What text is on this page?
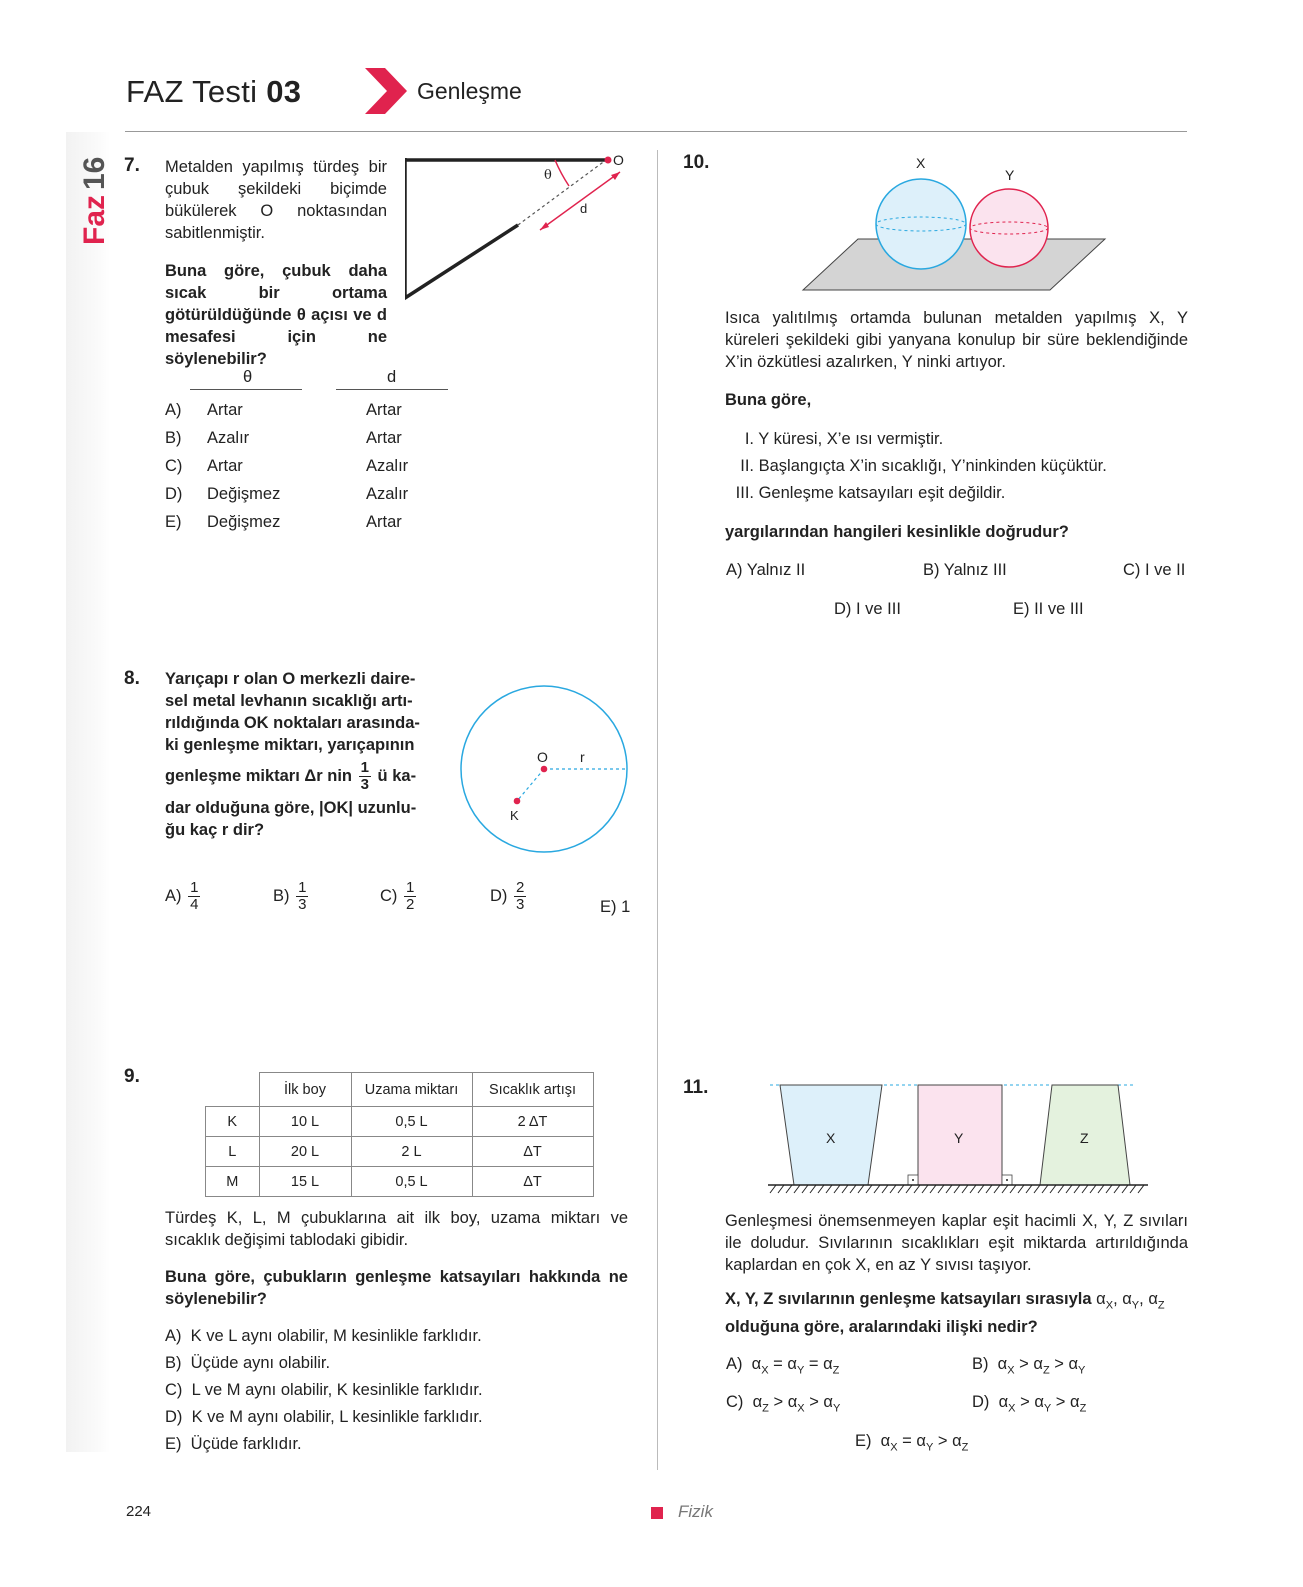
Faz
16
FAZ Testi 03	Genleşme
7. Metalden yapılmış türdeş bir çubuk şekildeki biçimde bükülerek O noktasından sabitlenmiştir.
Buna göre, çubuk daha sıcak bir ortama götürüldüğünde θ açısı ve d mesafesi için ne söylenebilir?
O
θ
d
θ	d
A) Artar	Artar
B) Azalır	Artar
C) Artar	Azalır
D) Değişmez	Azalır
E) Değişmez	Artar
8. Yarıçapı r olan O merkezli daire-
sel metal levhanın sıcaklığı artı-
rıldığında OK noktaları arasında-
ki genleşme miktarı, yarıçapının
genleşme miktarı Δr nin $\frac{1}{3}$ ü ka-
dar olduğuna göre, |OK| uzunlu-
ğu kaç r dir?
O r
K
$A) \frac{1}{4}$	$B) \frac{1}{3}$	$C) \frac{1}{2}$	$D) \frac{2}{3}$	E) 1
9.
	İlk boy	Uzama miktarı	Sıcaklık artışı
K	10 L	0,5 L	2 ΔT
L	20 L	2 L	ΔT
M	15 L	0,5 L	ΔT
Türdeş K, L, M çubuklarına ait ilk boy, uzama miktarı ve sıcaklık değişimi tablodaki gibidir.
Buna göre, çubukların genleşme katsayıları hakkında ne söylenebilir?
A) K ve L aynı olabilir, M kesinlikle farklıdır.
B) Üçüde aynı olabilir.
C) L ve M aynı olabilir, K kesinlikle farklıdır.
D) K ve M aynı olabilir, L kesinlikle farklıdır.
E) Üçüde farklıdır.
10.	X
Y
Isıca yalıtılmış ortamda bulunan metalden yapılmış X, Y küreleri şekildeki gibi yanyana konulup bir süre beklendiğinde X’in özkütlesi azalırken, Y ninki artıyor.
Buna göre,
I. Y küresi, X’e ısı vermiştir.
II. Başlangıçta X’in sıcaklığı, Y’ninkinden küçüktür.
III. Genleşme katsayıları eşit değildir.
yargılarından hangileri kesinlikle doğrudur?
A) Yalnız II	B) Yalnız III	C) I ve II
D) I ve III	E) II ve III
11.
X	Y	Z
Genleşmesi önemsenmeyen kaplar eşit hacimli X, Y, Z sıvıları ile doludur. Sıvılarının sıcaklıkları eşit miktarda artırıldığında kaplardan en çok X, en az Y sıvısı taşıyor.
X, Y, Z sıvılarının genleşme katsayıları sırasıyla $\alpha_X$, $\alpha_Y$, $\alpha_Z$ olduğuna göre, aralarındaki ilişki nedir?
A) $\alpha_X = \alpha_Y = \alpha_Z$	B) $\alpha_X > \alpha_Z > \alpha_Y$
C) $\alpha_Z > \alpha_X > \alpha_Y$	D) $\alpha_X > \alpha_Y > \alpha_Z$
E) $\alpha_X = \alpha_Y > \alpha_Z$
224	Fizik
